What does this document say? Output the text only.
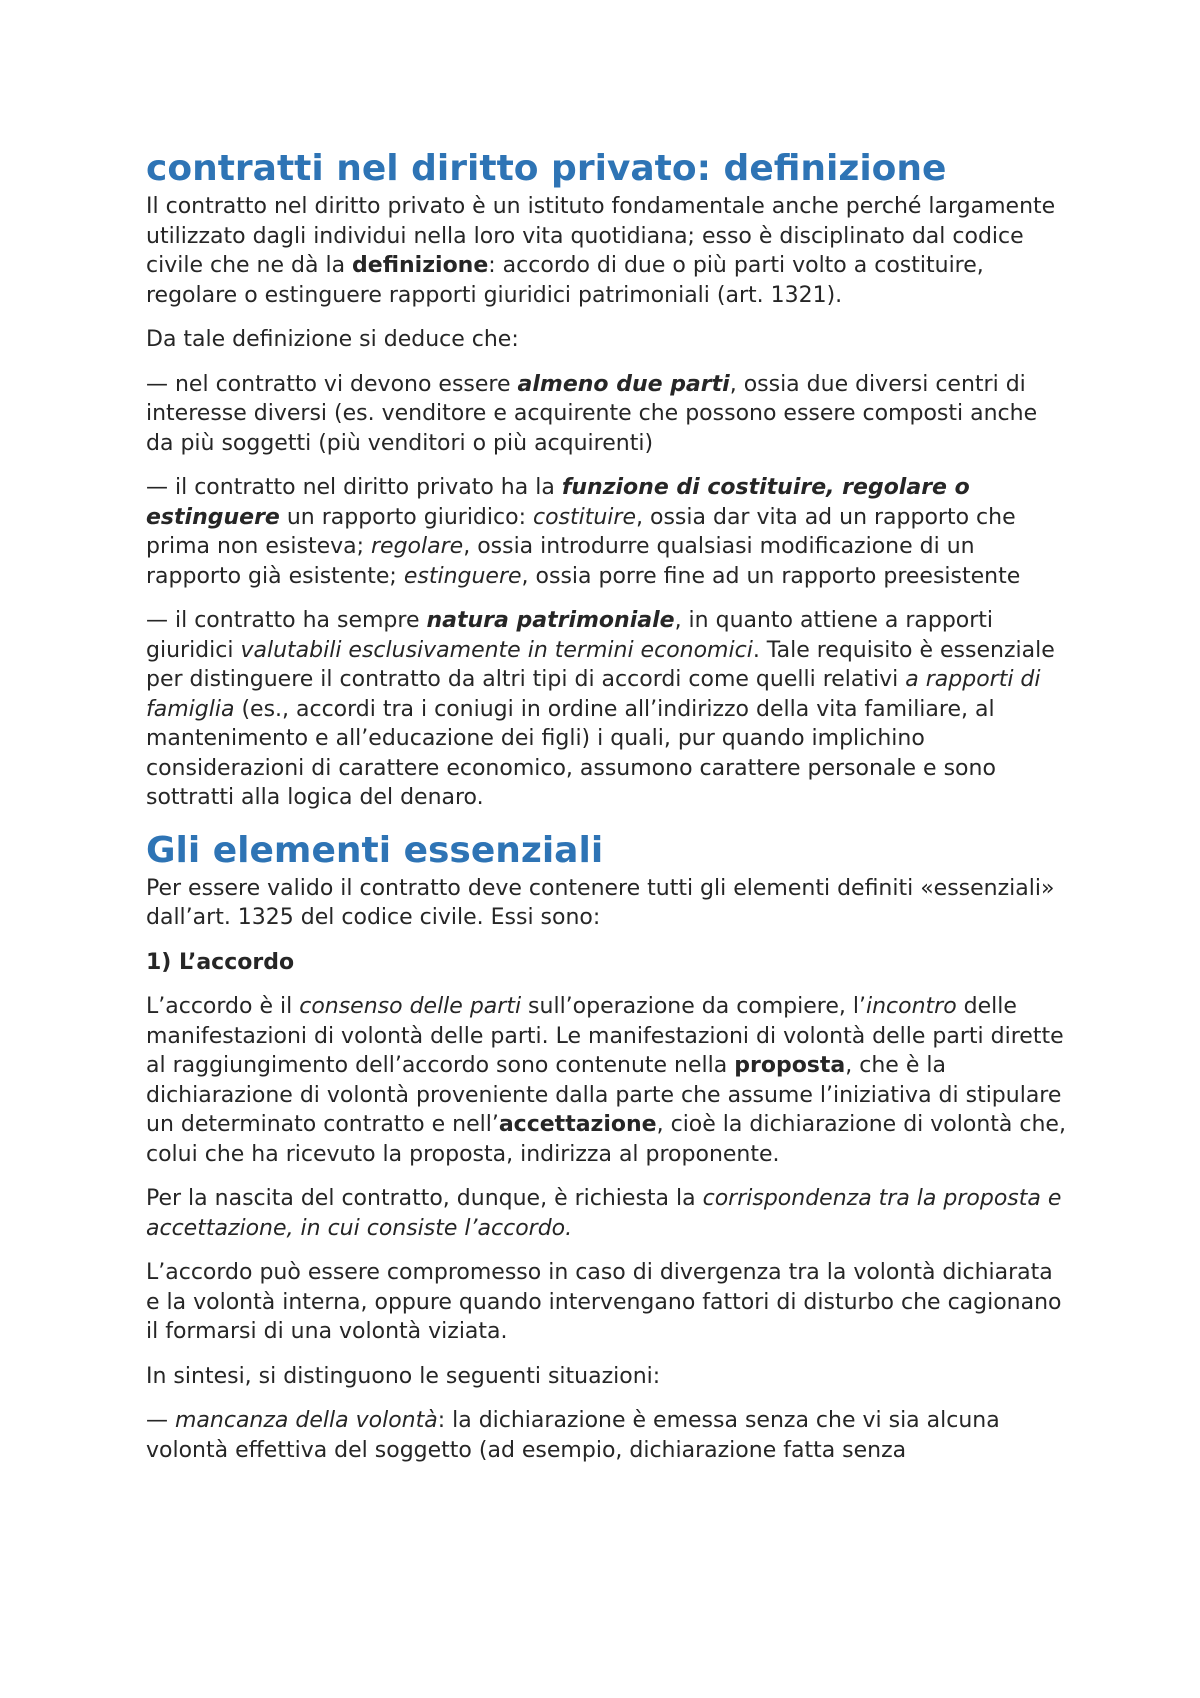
contratti nel diritto privato: definizione

Il contratto nel diritto privato è un istituto fondamentale anche perché largamente utilizzato dagli individui nella loro vita quotidiana; esso è disciplinato dal codice civile che ne dà la definizione: accordo di due o più parti volto a costituire, regolare o estinguere rapporti giuridici patrimoniali (art. 1321).

Da tale definizione si deduce che:

— nel contratto vi devono essere almeno due parti, ossia due diversi centri di interesse diversi (es. venditore e acquirente che possono essere composti anche da più soggetti (più venditori o più acquirenti)

— il contratto nel diritto privato ha la funzione di costituire, regolare o estinguere un rapporto giuridico: costituire, ossia dar vita ad un rapporto che prima non esisteva; regolare, ossia introdurre qualsiasi modificazione di un rapporto già esistente; estinguere, ossia porre fine ad un rapporto preesistente

— il contratto ha sempre natura patrimoniale, in quanto attiene a rapporti giuridici valutabili esclusivamente in termini economici. Tale requisito è essenziale per distinguere il contratto da altri tipi di accordi come quelli relativi a rapporti di famiglia (es., accordi tra i coniugi in ordine all’indirizzo della vita familiare, al mantenimento e all’educazione dei figli) i quali, pur quando implichino considerazioni di carattere economico, assumono carattere personale e sono sottratti alla logica del denaro.

Gli elementi essenziali

Per essere valido il contratto deve contenere tutti gli elementi definiti «essenziali» dall’art. 1325 del codice civile. Essi sono:

1) L’accordo

L’accordo è il consenso delle parti sull’operazione da compiere, l’incontro delle manifestazioni di volontà delle parti. Le manifestazioni di volontà delle parti dirette al raggiungimento dell’accordo sono contenute nella proposta, che è la dichiarazione di volontà proveniente dalla parte che assume l’iniziativa di stipulare un determinato contratto e nell’accettazione, cioè la dichiarazione di volontà che, colui che ha ricevuto la proposta, indirizza al proponente.

Per la nascita del contratto, dunque, è richiesta la corrispondenza tra la proposta e accettazione, in cui consiste l’accordo.

L’accordo può essere compromesso in caso di divergenza tra la volontà dichiarata e la volontà interna, oppure quando intervengano fattori di disturbo che cagionano il formarsi di una volontà viziata.

In sintesi, si distinguono le seguenti situazioni:

— mancanza della volontà: la dichiarazione è emessa senza che vi sia alcuna volontà effettiva del soggetto (ad esempio, dichiarazione fatta senza
